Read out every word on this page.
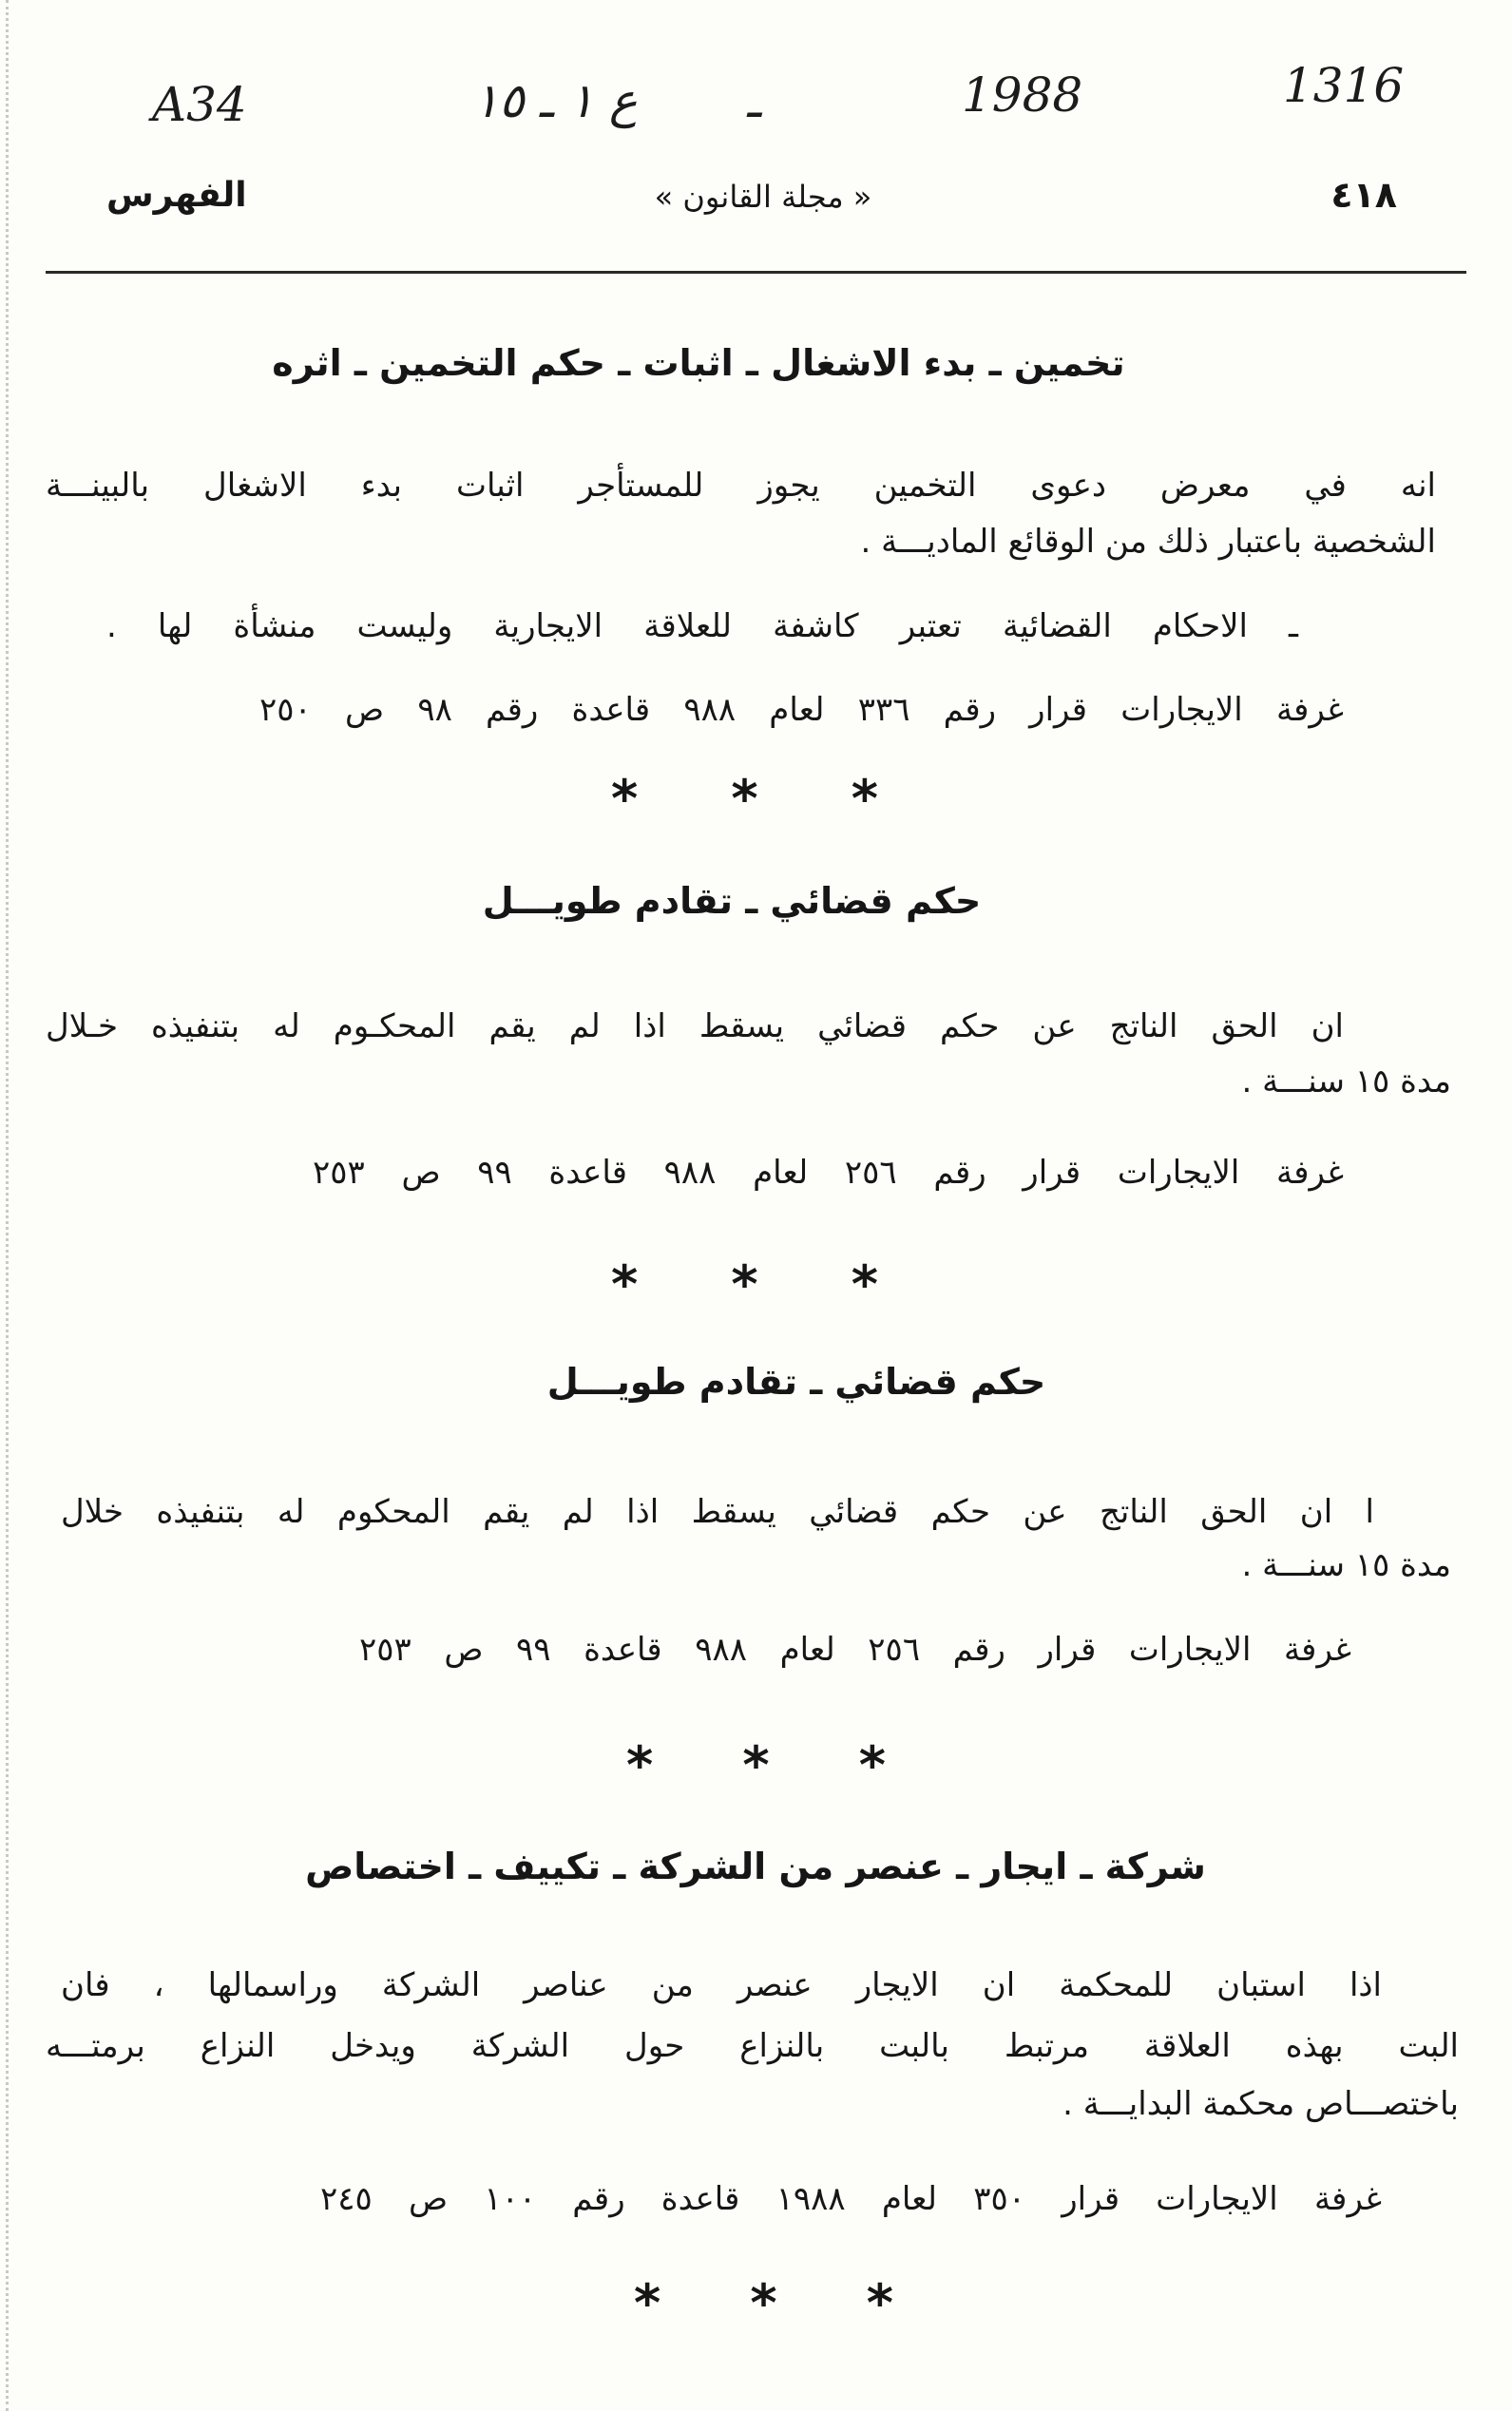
A34	ع ١ ـ ١٥ ـ	1988	1316
الفهرس	« مجلة القانون »	٤١٨
تخمين ـ بدء الاشغال ـ اثبات ـ حكم التخمين ـ اثره
انه في معرض دعوى التخمين يجوز للمستأجر اثبات بدء الاشغال بالبينـــة
الشخصية باعتبار ذلك من الوقائع الماديـــة .
ـ الاحكام القضائية تعتبر كاشفة للعلاقة الايجارية وليست منشأة لها .
غرفة الايجارات قرار رقم ٣٣٦ لعام ٩٨٨ قاعدة رقم ٩٨ ص ٢٥٠
* * *
حكم قضائي ـ تقادم طويـــل
ان الحق الناتج عن حكم قضائي يسقط اذا لم يقم المحكـوم له بتنفيذه خـلال
مدة ١٥ سنـــة .
غرفة الايجارات قرار رقم ٢٥٦ لعام ٩٨٨ قاعدة ٩٩ ص ٢٥٣
* * *
حكم قضائي ـ تقادم طويـــل
ا ان الحق الناتج عن حكم قضائي يسقط اذا لم يقم المحكوم له بتنفيذه خلال
مدة ١٥ سنـــة .
غرفة الايجارات قرار رقم ٢٥٦ لعام ٩٨٨ قاعدة ٩٩ ص ٢٥٣
* * *
شركة ـ ايجار ـ عنصر من الشركة ـ تكييف ـ اختصاص
اذا استبان للمحكمة ان الايجار عنصر من عناصر الشركة وراسمالها ، فان
البت بهذه العلاقة مرتبط بالبت بالنزاع حول الشركة ويدخل النزاع برمتـــه
باختصـــاص محكمة البدايـــة .
غرفة الايجارات قرار ٣٥٠ لعام ١٩٨٨ قاعدة رقم ١٠٠ ص ٢٤٥
* * *
